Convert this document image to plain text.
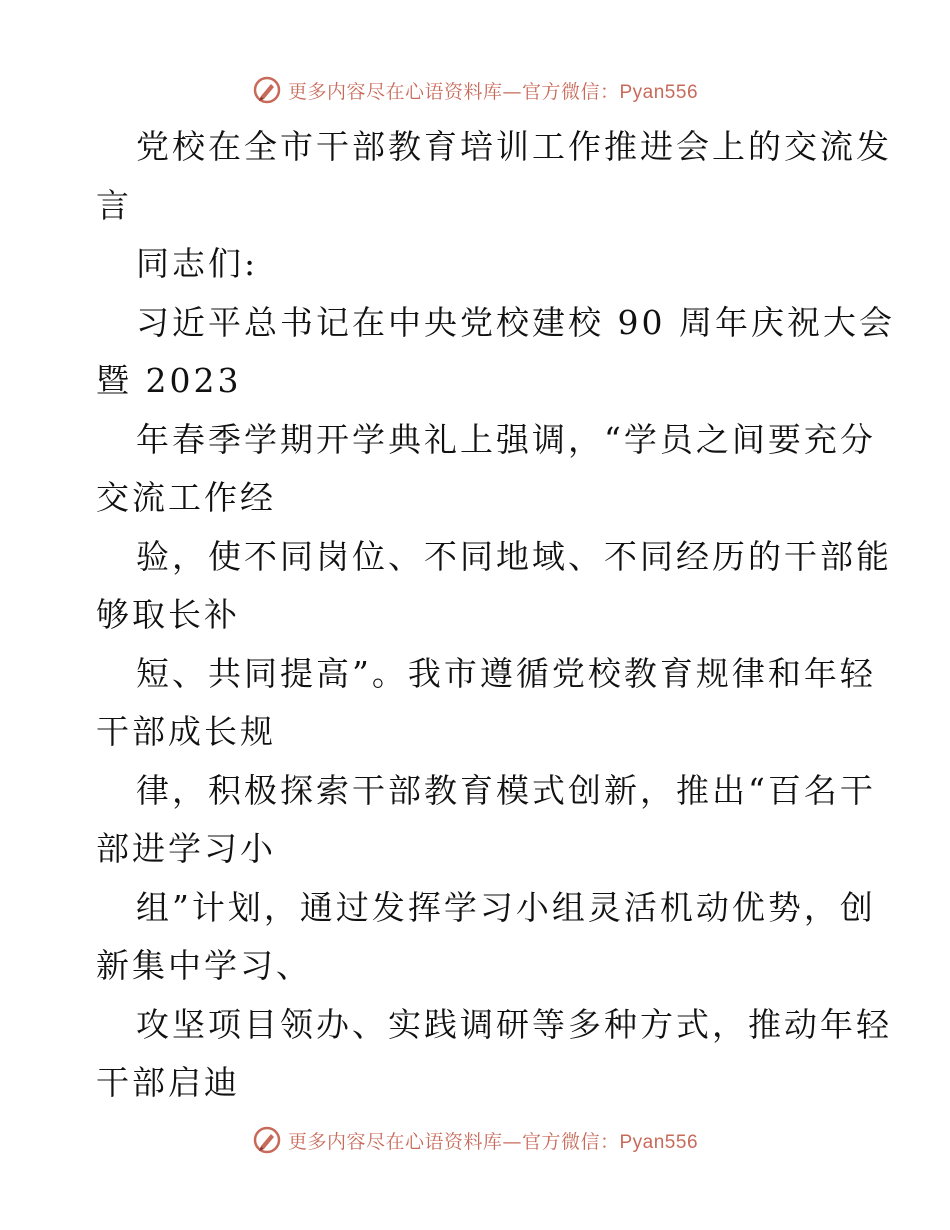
更多内容尽在心语资料库—官方微信：Pyan556
党校在全市干部教育培训工作推进会上的交流发
言
同志们:
习近平总书记在中央党校建校 90 周年庆祝大会
暨 2023
年春季学期开学典礼上强调，“学员之间要充分
交流工作经
验，使不同岗位、不同地域、不同经历的干部能
够取长补
短、共同提高”。我市遵循党校教育规律和年轻
干部成长规
律，积极探索干部教育模式创新，推出“百名干
部进学习小
组”计划，通过发挥学习小组灵活机动优势，创
新集中学习、
攻坚项目领办、实践调研等多种方式，推动年轻
干部启迪
更多内容尽在心语资料库—官方微信：Pyan556
